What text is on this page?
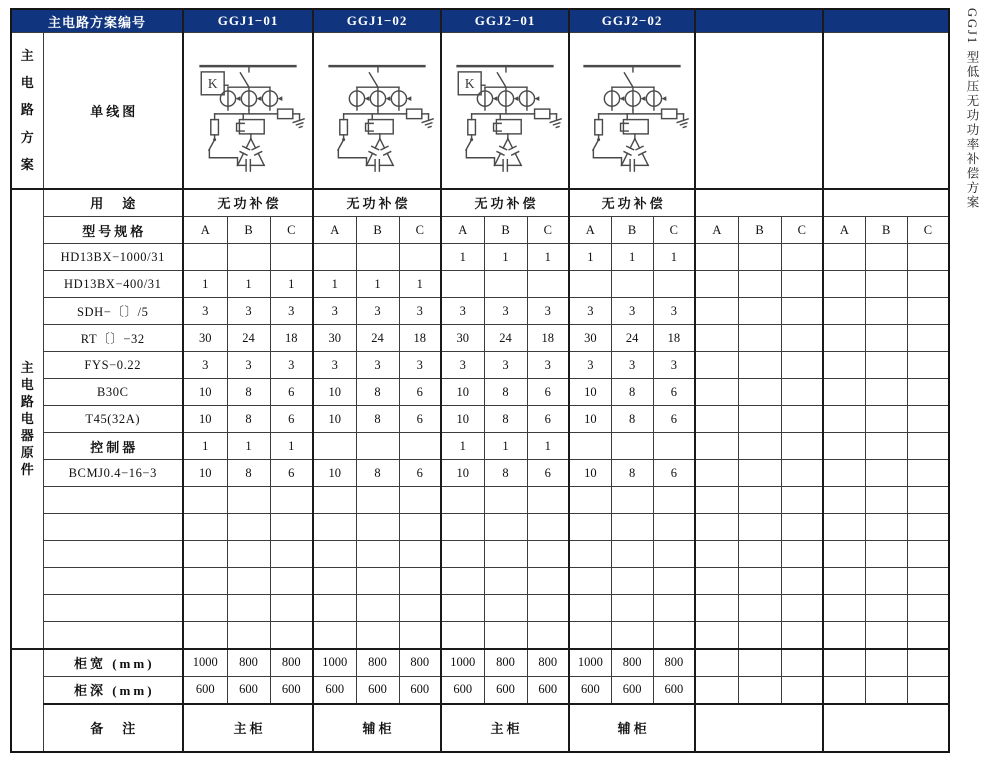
主电路方案编号		GGJ1−01			GGJ1−02			GGJ2−01			GGJ2−02								

主
电
路
方
案	单线图	K						K

主
电
路
电
器
原
件
	用　途	无功补偿	无功补偿	无功补偿	无功补偿		
	型号规格	A	B	C	A	B	C	A	B	C	A	B	C	A	B	C	A	B	C
	HD13BX−1000/31							1	1	1	1	1	1						
	HD13BX−400/31	1	1	1	1	1	1												
	SDH−〔〕/5	3	3	3	3	3	3	3	3	3	3	3	3						
	RT〔〕−32	30	24	18	30	24	18	30	24	18	30	24	18						
	FYS−0.22	3	3	3	3	3	3	3	3	3	3	3	3						
	B30C	10	8	6	10	8	6	10	8	6	10	8	6						
	T45(32A)	10	8	6	10	8	6	10	8	6	10	8	6						
	控制器	1	1	1				1	1	1									
	BCMJ0.4−16−3	10	8	6	10	8	6	10	8	6	10	8	6						

	柜宽 (mm)	1000	800	800	1000	800	800	1000	800	800	1000	800	800						
	柜深 (mm)	600	600	600	600	600	600	600	600	600	600	600	600						
	备　注	主柜			辅柜			主柜			辅柜								
GGJ1 型低压无功功率补偿方案
